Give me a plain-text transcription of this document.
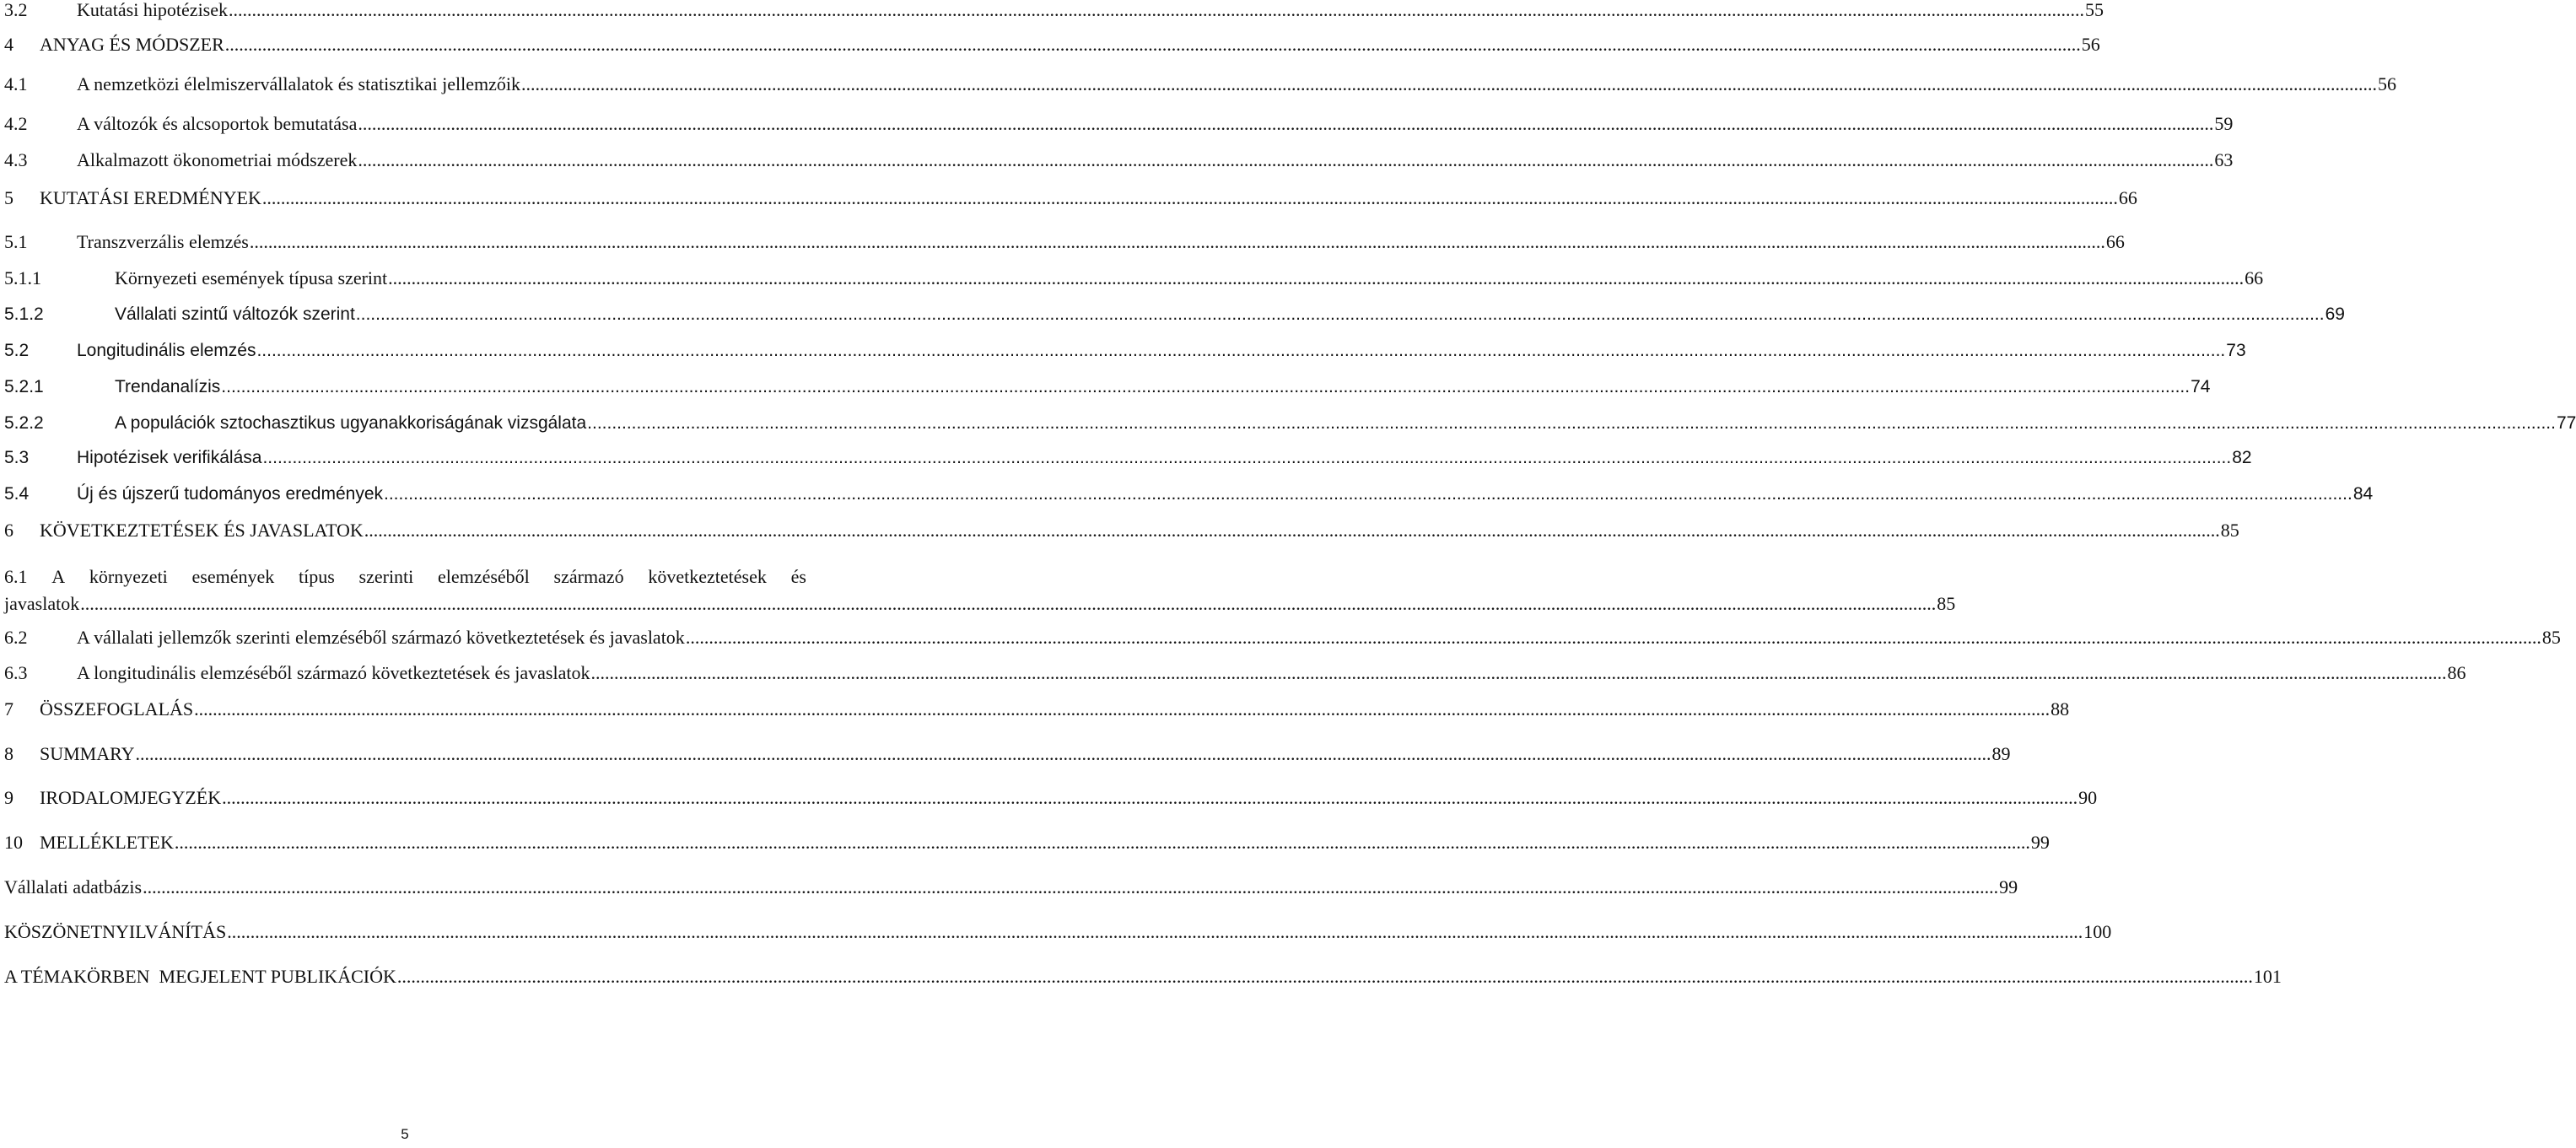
3.2	Kutatási hipotézisek ................................................................................................................................................................................................................................................................................................................................................................................................................ 55
4	ANYAG ÉS MÓDSZER ................................................................................................................................................................................................................................................................................................................................................................................................................ 56
4.1	A nemzetközi élelmiszervállalatok és statisztikai jellemzőik ................................................................................................................................................................................................................................................................................................................................................................................................................ 56
4.2	A változók és alcsoportok bemutatása ................................................................................................................................................................................................................................................................................................................................................................................................................ 59
4.3	Alkalmazott ökonometriai módszerek ................................................................................................................................................................................................................................................................................................................................................................................................................ 63
5	KUTATÁSI EREDMÉNYEK ................................................................................................................................................................................................................................................................................................................................................................................................................ 66
5.1	Transzverzális elemzés ................................................................................................................................................................................................................................................................................................................................................................................................................ 66
5.1.1	Környezeti események típusa szerint ................................................................................................................................................................................................................................................................................................................................................................................................................ 66
5.1.2	Vállalati szintű változók szerint ................................................................................................................................................................................................................................................................................................................................................................................................................ 69
5.2	Longitudinális elemzés ................................................................................................................................................................................................................................................................................................................................................................................................................ 73
5.2.1	Trendanalízis ................................................................................................................................................................................................................................................................................................................................................................................................................ 74
5.2.2	A populációk sztochasztikus ugyanakkoriságának vizsgálata ................................................................................................................................................................................................................................................................................................................................................................................................................ 77
5.3	Hipotézisek verifikálása ................................................................................................................................................................................................................................................................................................................................................................................................................ 82
5.4	Új és újszerű tudományos eredmények ................................................................................................................................................................................................................................................................................................................................................................................................................ 84
6	KÖVETKEZTETÉSEK ÉS JAVASLATOK ................................................................................................................................................................................................................................................................................................................................................................................................................ 85
6.1 A környezeti események típus szerinti elemzéséből származó következtetések és
javaslatok ................................................................................................................................................................................................................................................................................................................................................................................................................ 85
6.2	A vállalati jellemzők szerinti elemzéséből származó következtetések és javaslatok ................................................................................................................................................................................................................................................................................................................................................................................................................ 85
6.3	A longitudinális elemzéséből származó következtetések és javaslatok ................................................................................................................................................................................................................................................................................................................................................................................................................ 86
7	ÖSSZEFOGLALÁS ................................................................................................................................................................................................................................................................................................................................................................................................................ 88
8	SUMMARY ................................................................................................................................................................................................................................................................................................................................................................................................................ 89
9	IRODALOMJEGYZÉK ................................................................................................................................................................................................................................................................................................................................................................................................................ 90
10 MELLÉKLETEK ................................................................................................................................................................................................................................................................................................................................................................................................................ 99
Vállalati adatbázis ................................................................................................................................................................................................................................................................................................................................................................................................................ 99
KÖSZÖNETNYILVÁNÍTÁS ................................................................................................................................................................................................................................................................................................................................................................................................................ 100
A TÉMAKÖRBEN  MEGJELENT PUBLIKÁCIÓK ................................................................................................................................................................................................................................................................................................................................................................................................................ 101
5
